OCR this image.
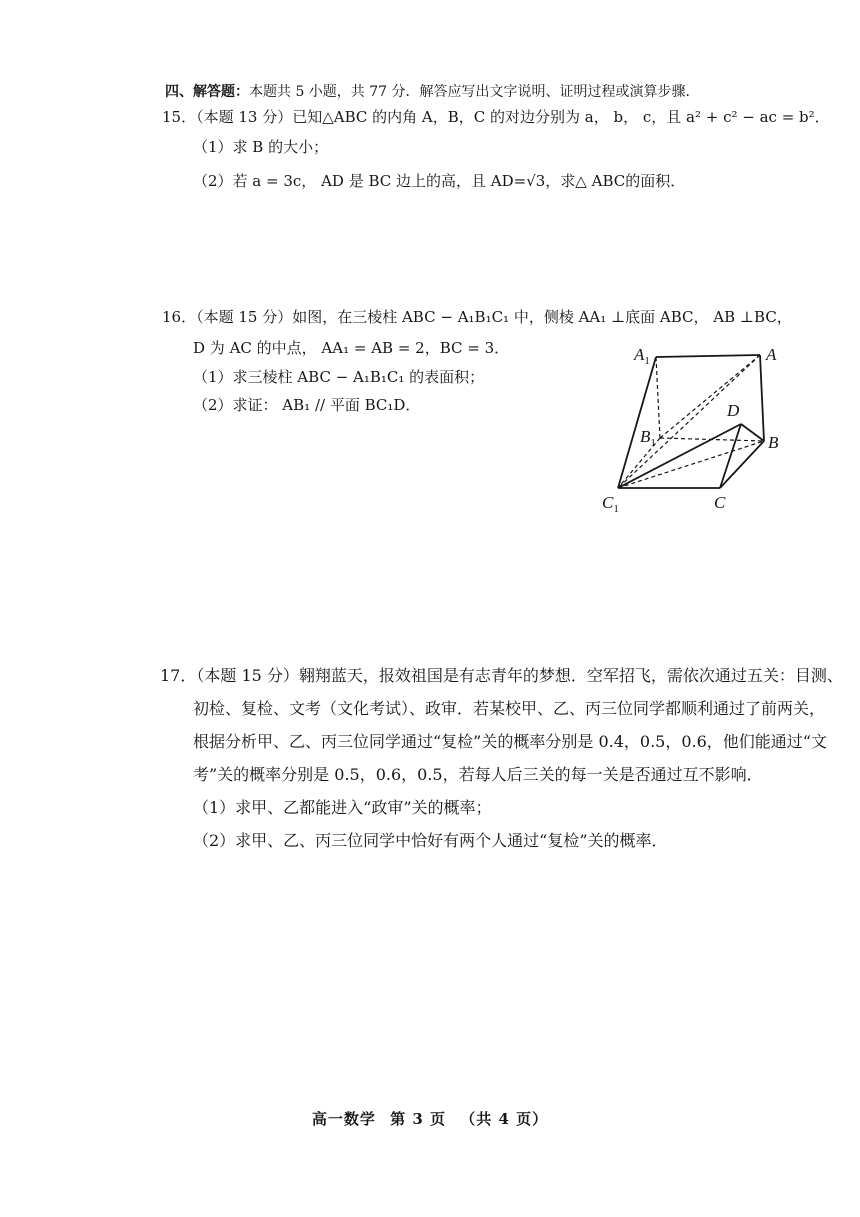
四、解答题：本题共 5 小题，共 77 分．解答应写出文字说明、证明过程或演算步骤．
15．（本题 13 分）已知△ABC 的内角 A，B，C 的对边分别为 a， b， c，且 a² + c² − ac = b²．
（1）求 B 的大小；
（2）若 a = 3c， AD 是 BC 边上的高，且 AD=√3，求△ ABC的面积．
16．（本题 15 分）如图，在三棱柱 ABC − A₁B₁C₁ 中，侧棱 AA₁ ⊥底面 ABC， AB ⊥BC，
D 为 AC 的中点， AA₁ = AB = 2，BC = 3．
（1）求三棱柱 ABC − A₁B₁C₁ 的表面积；
（2）求证： AB₁ // 平面 BC₁D．
$A_1$	A
D
$B_1$	B
$C_1$	C
17．（本题 15 分）翱翔蓝天，报效祖国是有志青年的梦想．空军招飞，需依次通过五关：目测、
初检、复检、文考（文化考试）、政审．若某校甲、乙、丙三位同学都顺利通过了前两关，
根据分析甲、乙、丙三位同学通过“复检”关的概率分别是 0.4，0.5，0.6，他们能通过“文
考”关的概率分别是 0.5，0.6，0.5，若每人后三关的每一关是否通过互不影响．
（1）求甲、乙都能进入“政审”关的概率；
（2）求甲、乙、丙三位同学中恰好有两个人通过“复检”关的概率．
高一数学 第 3 页 （共 4 页）
